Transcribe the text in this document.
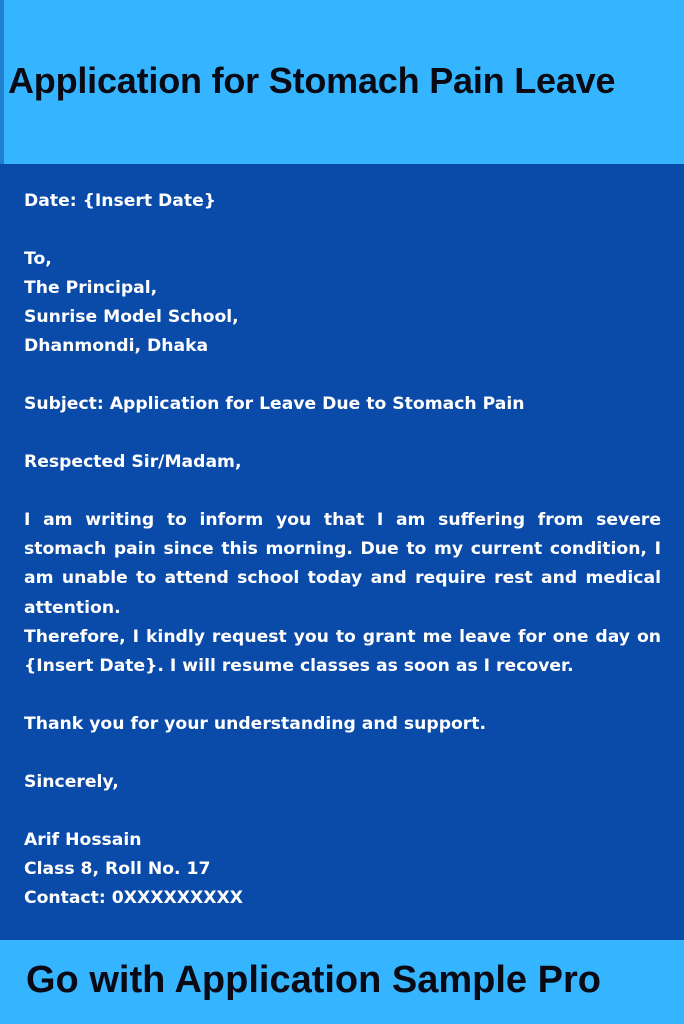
Application for Stomach Pain Leave
Date: {Insert Date}
To,
The Principal,
Sunrise Model School,
Dhanmondi, Dhaka
Subject: Application for Leave Due to Stomach Pain
Respected Sir/Madam,
I am writing to inform you that I am suffering from severe stomach pain since this morning. Due to my current condition, I am unable to attend school today and require rest and medical attention.
Therefore, I kindly request you to grant me leave for one day on {Insert Date}. I will resume classes as soon as I recover.
Thank you for your understanding and support.
Sincerely,
Arif Hossain
Class 8, Roll No. 17
Contact: 0XXXXXXXXX
Go with Application Sample Pro
